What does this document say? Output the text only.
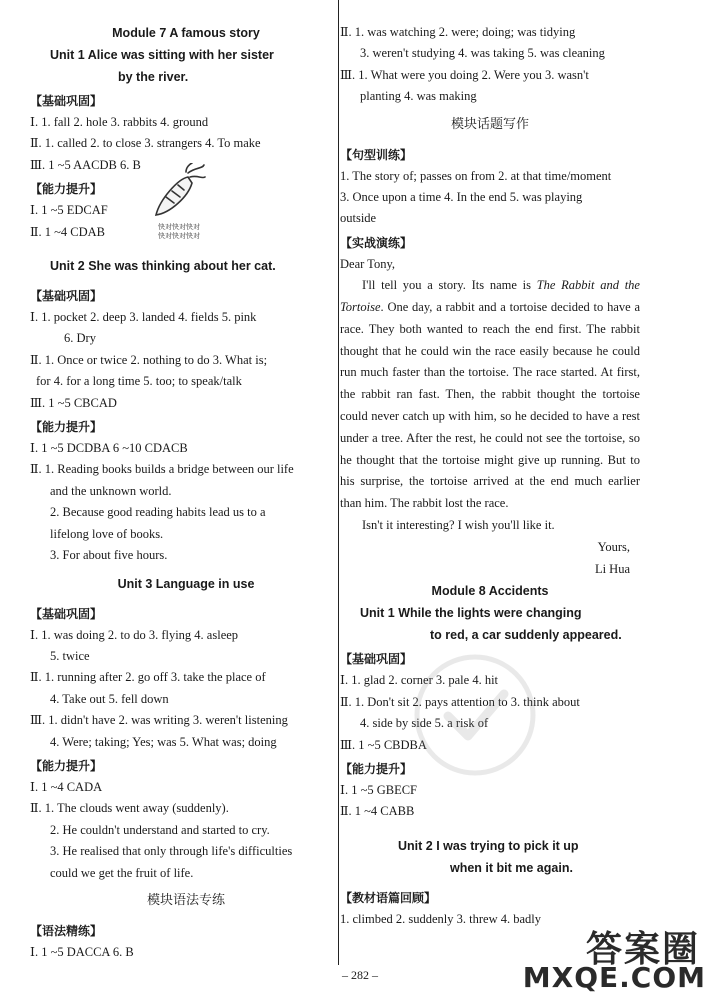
Module 7 A famous story
Unit 1 Alice was sitting with her sister
by the river.
【基础巩固】
Ⅰ. 1. fall 2. hole 3. rabbits 4. ground
Ⅱ. 1. called 2. to close 3. strangers 4. To make
Ⅲ. 1 ~5 AACDB 6. B
【能力提升】
Ⅰ. 1 ~5 EDCAF
Ⅱ. 1 ~4 CDAB
Unit 2 She was thinking about her cat.
【基础巩固】
Ⅰ. 1. pocket 2. deep 3. landed 4. fields 5. pink
6. Dry
Ⅱ. 1. Once or twice 2. nothing to do 3. What is;
for 4. for a long time 5. too; to speak/talk
Ⅲ. 1 ~5 CBCAD
【能力提升】
Ⅰ. 1 ~5 DCDBA 6 ~10 CDACB
Ⅱ. 1. Reading books builds a bridge between our life
and the unknown world.
2. Because good reading habits lead us to a
lifelong love of books.
3. For about five hours.
Unit 3 Language in use
【基础巩固】
Ⅰ. 1. was doing 2. to do 3. flying 4. asleep
5. twice
Ⅱ. 1. running after 2. go off 3. take the place of
4. Take out 5. fell down
Ⅲ. 1. didn't have 2. was writing 3. weren't listening
4. Were; taking; Yes; was 5. What was; doing
【能力提升】
Ⅰ. 1 ~4 CADA
Ⅱ. 1. The clouds went away (suddenly).
2. He couldn't understand and started to cry.
3. He realised that only through life's difficulties
could we get the fruit of life.
模块语法专练
【语法精练】
Ⅰ. 1 ~5 DACCA 6. B
快对快对快对
快对快对快对
Ⅱ. 1. was watching 2. were; doing; was tidying
3. weren't studying 4. was taking 5. was cleaning
Ⅲ. 1. What were you doing 2. Were you 3. wasn't
planting 4. was making
模块话题写作
【句型训练】
1. The story of; passes on from 2. at that time/moment
3. Once upon a time 4. In the end 5. was playing
outside
【实战演练】
Dear Tony,

I'll tell you a story. Its name is The Rabbit and the Tortoise. One day, a rabbit and a tortoise decided to have a race. They both wanted to reach the end first. The rabbit thought that he could win the race easily because he could run much faster than the tortoise. The race started. At first, the rabbit ran fast. Then, the rabbit thought the tortoise could never catch up with him, so he decided to have a rest under a tree. After the rest, he could not see the tortoise, so he thought that the tortoise might give up running. But to his surprise, the tortoise arrived at the end much earlier than him. The rabbit lost the race.

Isn't it interesting? I wish you'll like it.

Yours,
Li Hua
Module 8 Accidents
Unit 1 While the lights were changing
to red, a car suddenly appeared.
【基础巩固】
Ⅰ. 1. glad 2. corner 3. pale 4. hit
Ⅱ. 1. Don't sit 2. pays attention to 3. think about
4. side by side 5. a risk of
Ⅲ. 1 ~5 CBDBA
【能力提升】
Ⅰ. 1 ~5 GBECF
Ⅱ. 1 ~4 CABB
Unit 2 I was trying to pick it up
when it bit me again.
【教材语篇回顾】
1. climbed 2. suddenly 3. threw 4. badly
– 282 –
答案圈
MXQE.COM
